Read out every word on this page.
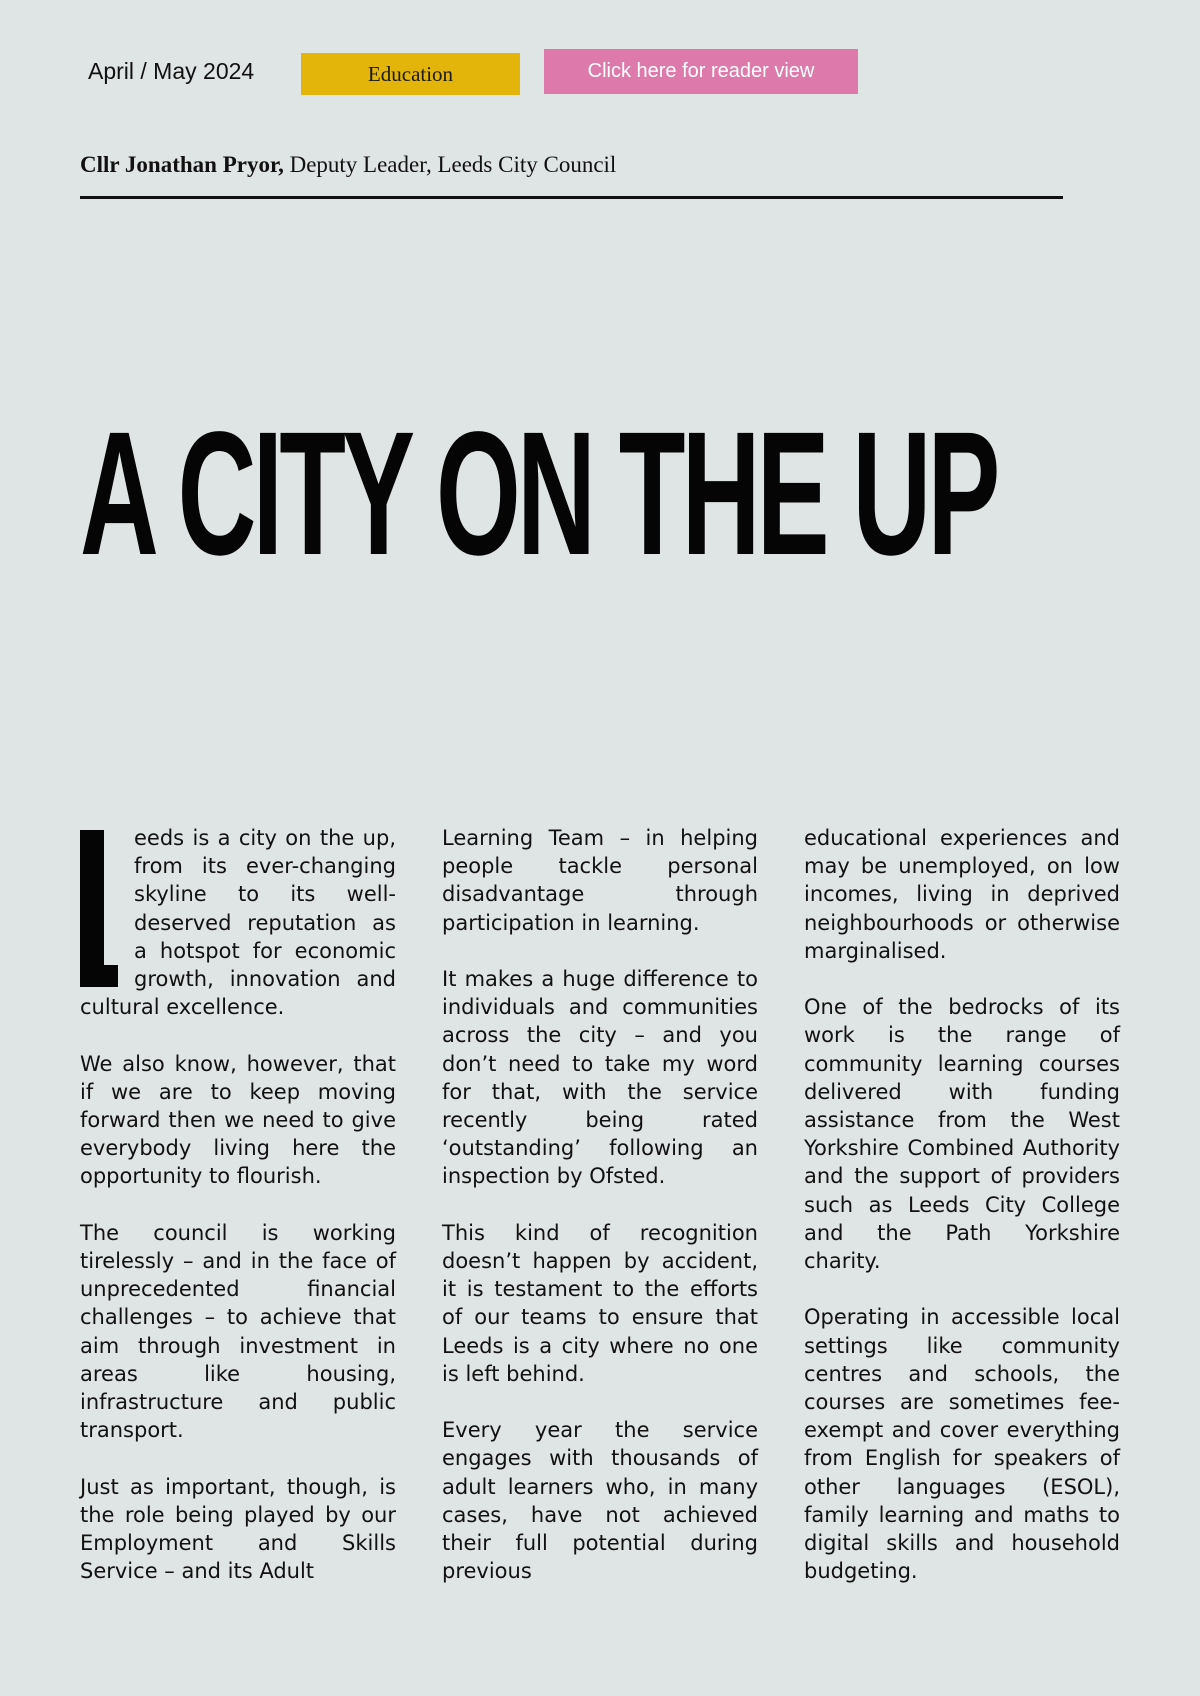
April / May 2024	Education	Click here for reader view
Cllr Jonathan Pryor, Deputy Leader, Leeds City Council
A CITY ON THE UP

eeds is a city on the up, from its ever-changing skyline to its well-deserved reputation as a hotspot for economic growth, innovation and cultural excellence.

We also know, however, that if we are to keep moving forward then we need to give everybody living here the opportunity to flourish.

The council is working tirelessly – and in the face of unprecedented financial challenges – to achieve that aim through investment in areas like housing, infrastructure and public transport.

Just as important, though, is the role being played by our Employment and Skills Service – and its Adult

Learning Team – in helping people tackle personal disadvantage through participation in learning.

It makes a huge difference to individuals and communities across the city – and you don’t need to take my word for that, with the service recently being rated ‘outstanding’ following an inspection by Ofsted.

This kind of recognition doesn’t happen by accident, it is testament to the efforts of our teams to ensure that Leeds is a city where no one is left behind.

Every year the service engages with thousands of adult learners who, in many cases, have not achieved their full potential during previous

educational experiences and may be unemployed, on low incomes, living in deprived neighbourhoods or otherwise marginalised.

One of the bedrocks of its work is the range of community learning courses delivered with funding assistance from the West Yorkshire Combined Authority and the support of providers such as Leeds City College and the Path Yorkshire charity.

Operating in accessible local settings like community centres and schools, the courses are sometimes fee-exempt and cover everything from English for speakers of other languages (ESOL), family learning and maths to digital skills and household budgeting.
